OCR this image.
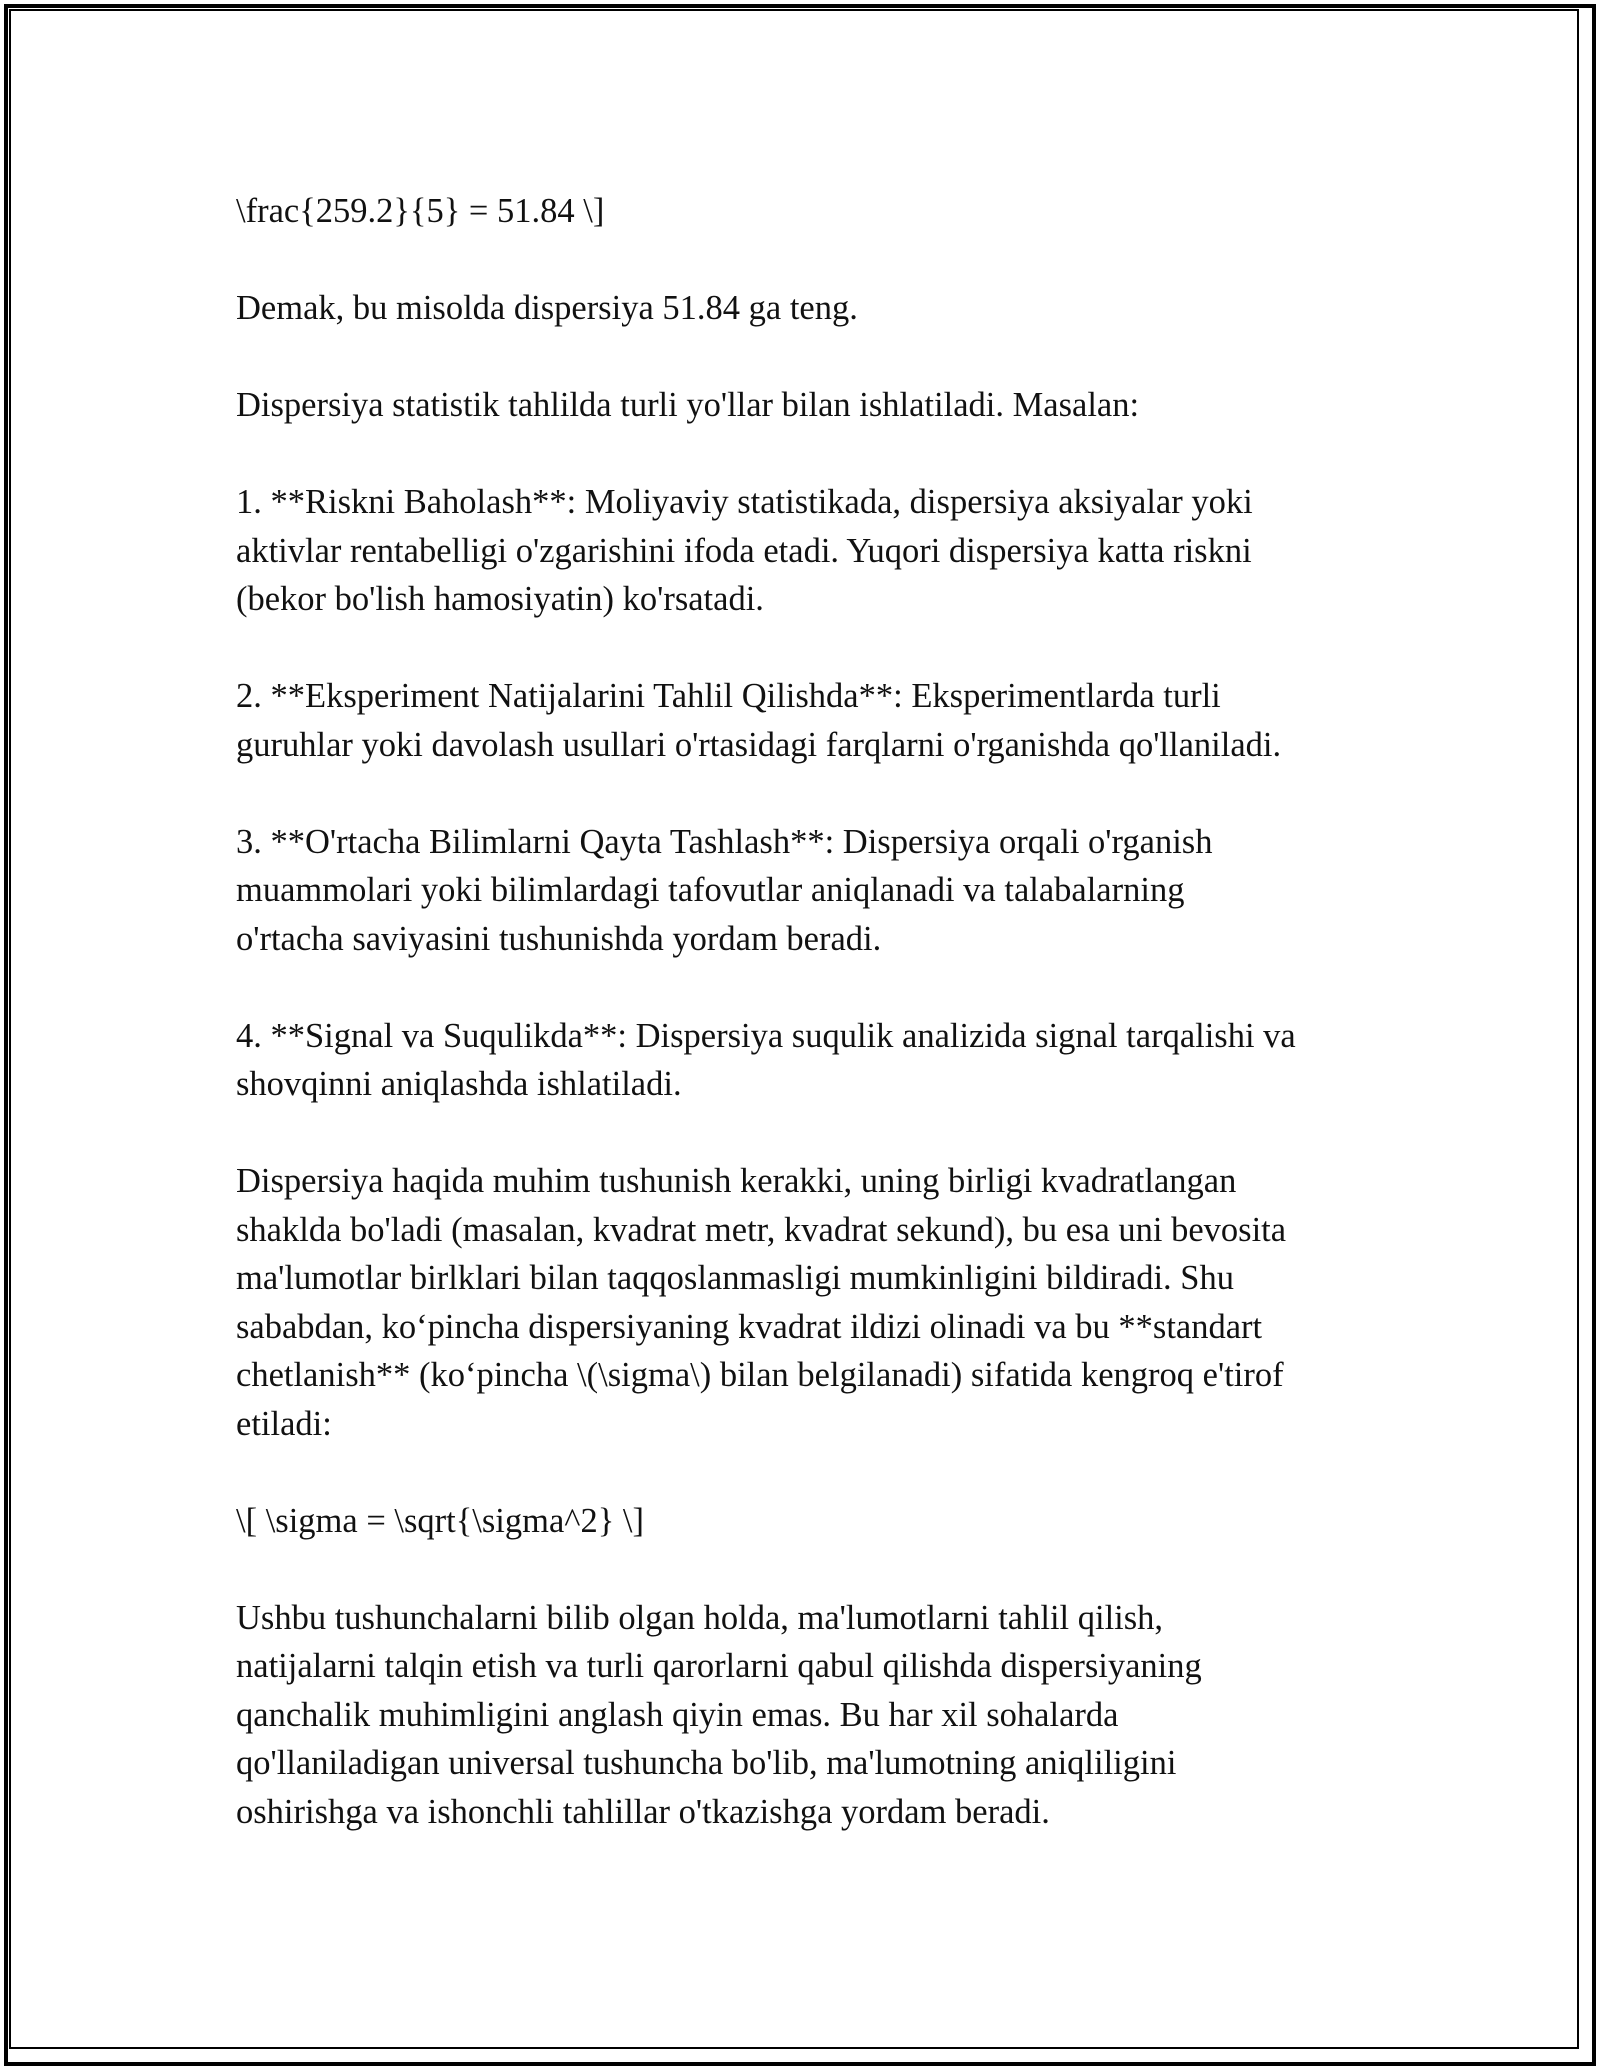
\frac{259.2}{5} = 51.84 \]

Demak, bu misolda dispersiya 51.84 ga teng.

Dispersiya statistik tahlilda turli yo'llar bilan ishlatiladi. Masalan:

1. **Riskni Baholash**: Moliyaviy statistikada, dispersiya aksiyalar yoki
aktivlar rentabelligi o'zgarishini ifoda etadi. Yuqori dispersiya katta riskni
(bekor bo'lish hamosiyatin) ko'rsatadi.

2. **Eksperiment Natijalarini Tahlil Qilishda**: Eksperimentlarda turli
guruhlar yoki davolash usullari o'rtasidagi farqlarni o'rganishda qo'llaniladi.

3. **O'rtacha Bilimlarni Qayta Tashlash**: Dispersiya orqali o'rganish
muammolari yoki bilimlardagi tafovutlar aniqlanadi va talabalarning
o'rtacha saviyasini tushunishda yordam beradi.

4. **Signal va Suqulikda**: Dispersiya suqulik analizida signal tarqalishi va
shovqinni aniqlashda ishlatiladi.

Dispersiya haqida muhim tushunish kerakki, uning birligi kvadratlangan
shaklda bo'ladi (masalan, kvadrat metr, kvadrat sekund), bu esa uni bevosita
ma'lumotlar birlklari bilan taqqoslanmasligi mumkinligini bildiradi. Shu
sababdan, ko‘pincha dispersiyaning kvadrat ildizi olinadi va bu **standart
chetlanish** (ko‘pincha \(\sigma\) bilan belgilanadi) sifatida kengroq e'tirof
etiladi:

\[ \sigma = \sqrt{\sigma^2} \]

Ushbu tushunchalarni bilib olgan holda, ma'lumotlarni tahlil qilish,
natijalarni talqin etish va turli qarorlarni qabul qilishda dispersiyaning
qanchalik muhimligini anglash qiyin emas. Bu har xil sohalarda
qo'llaniladigan universal tushuncha bo'lib, ma'lumotning aniqliligini
oshirishga va ishonchli tahlillar o'tkazishga yordam beradi.
